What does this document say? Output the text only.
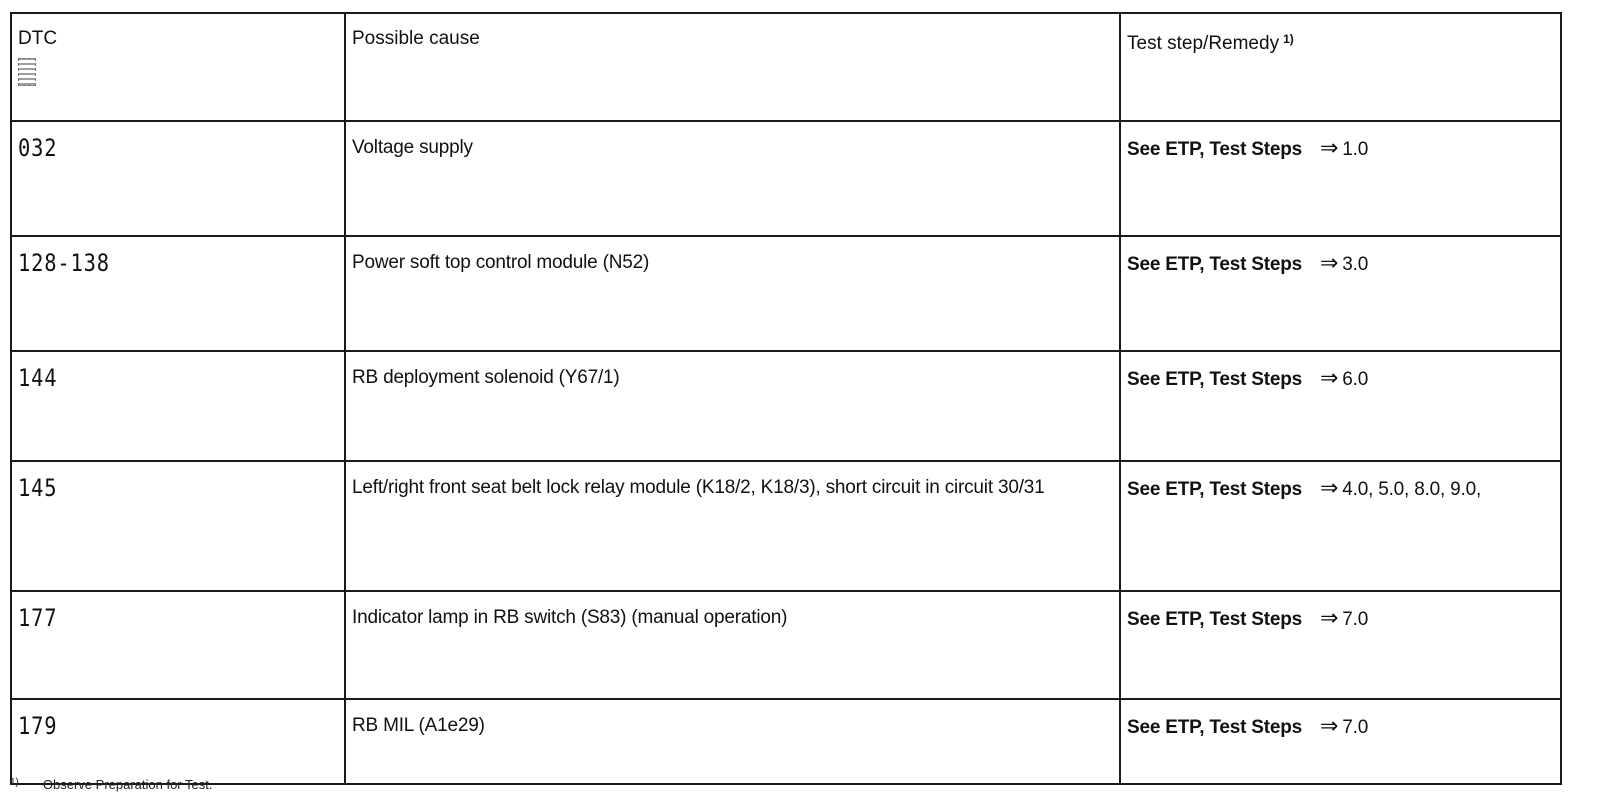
DTC	Possible cause	Test step/Remedy $^{1)}$

032	Voltage supply	See ETP, Test Steps ⇒ 1.0

128-138	Power soft top control module (N52)	See ETP, Test Steps ⇒ 3.0

144	RB deployment solenoid (Y67/1)	See ETP, Test Steps ⇒ 6.0

145	Left/right front seat belt lock relay module (K18/2, K18/3), short circuit in circuit 30/31	See ETP, Test Steps ⇒ 4.0, 5.0, 8.0, 9.0,

177	Indicator lamp in RB switch (S83) (manual operation)	See ETP, Test Steps ⇒ 7.0

179	RB MIL (A1e29)	See ETP, Test Steps ⇒ 7.0
$^{1)}$ Observe Preparation for Test.
